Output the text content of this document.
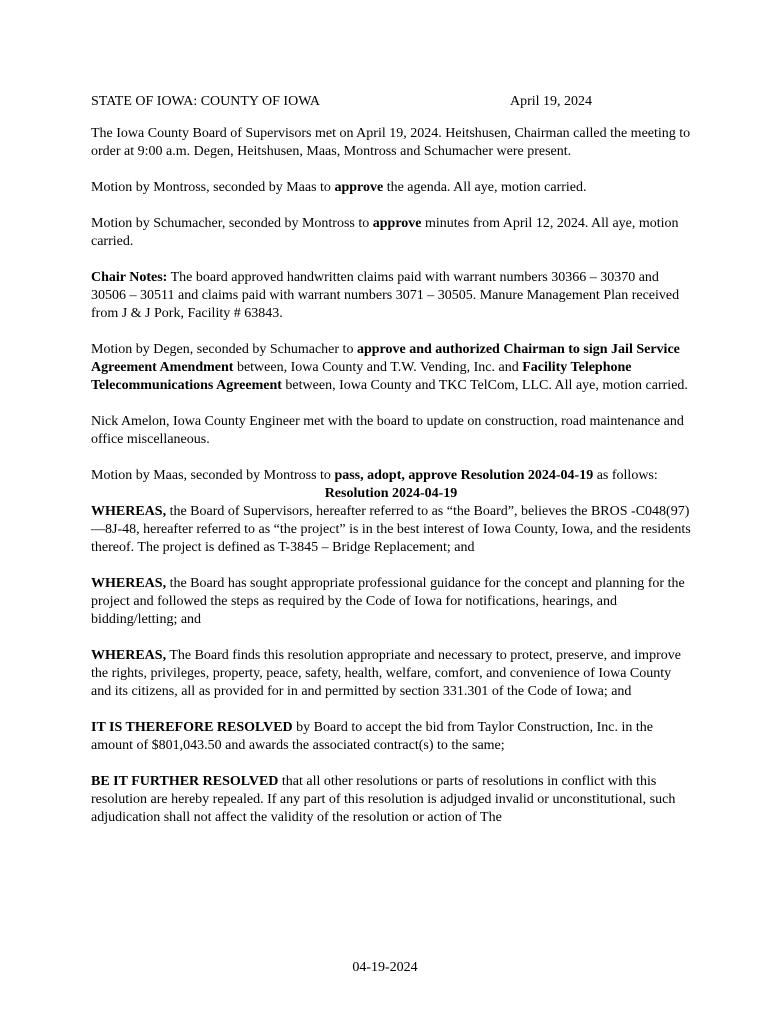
STATE OF IOWA: COUNTY OF IOWA	April 19, 2024

The Iowa County Board of Supervisors met on April 19, 2024. Heitshusen, Chairman called the meeting to order at 9:00 a.m. Degen, Heitshusen, Maas, Montross and Schumacher were present.

Motion by Montross, seconded by Maas to approve the agenda. All aye, motion carried.

Motion by Schumacher, seconded by Montross to approve minutes from April 12, 2024. All aye, motion carried.

Chair Notes: The board approved handwritten claims paid with warrant numbers 30366 – 30370 and 30506 – 30511 and claims paid with warrant numbers 3071 – 30505. Manure Management Plan received from J & J Pork, Facility # 63843.

Motion by Degen, seconded by Schumacher to approve and authorized Chairman to sign Jail Service Agreement Amendment between, Iowa County and T.W. Vending, Inc. and Facility Telephone Telecommunications Agreement between, Iowa County and TKC TelCom, LLC. All aye, motion carried.

Nick Amelon, Iowa County Engineer met with the board to update on construction, road maintenance and office miscellaneous.

Motion by Maas, seconded by Montross to pass, adopt, approve Resolution 2024-04-19 as follows:

Resolution 2024-04-19

WHEREAS, the Board of Supervisors, hereafter referred to as “the Board”, believes the BROS -C048(97)—8J-48, hereafter referred to as “the project” is in the best interest of Iowa County, Iowa, and the residents thereof. The project is defined as T-3845 – Bridge Replacement; and

WHEREAS, the Board has sought appropriate professional guidance for the concept and planning for the project and followed the steps as required by the Code of Iowa for notifications, hearings, and bidding/letting; and

WHEREAS, The Board finds this resolution appropriate and necessary to protect, preserve, and improve the rights, privileges, property, peace, safety, health, welfare, comfort, and convenience of Iowa County and its citizens, all as provided for in and permitted by section 331.301 of the Code of Iowa; and

IT IS THEREFORE RESOLVED by Board to accept the bid from Taylor Construction, Inc. in the amount of $801,043.50 and awards the associated contract(s) to the same;

BE IT FURTHER RESOLVED that all other resolutions or parts of resolutions in conflict with this resolution are hereby repealed. If any part of this resolution is adjudged invalid or unconstitutional, such adjudication shall not affect the validity of the resolution or action of The

04-19-2024
